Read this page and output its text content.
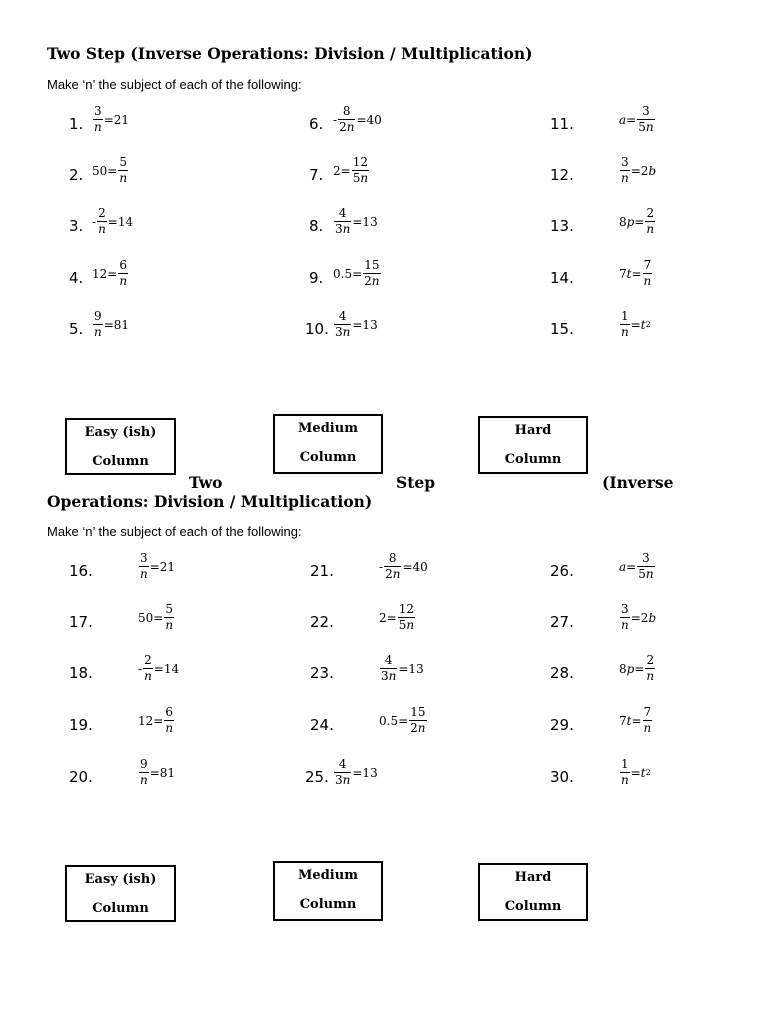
Two Step (Inverse Operations: Division / Multiplication)
Make ‘n’ the subject of each of the following:
1. $\frac{3}{n} =21$
2. $50= \frac{5}{n}$
3. - $\frac{2}{n} =14$
4. $12= \frac{6}{n}$
5. $\frac{9}{n} =81$
6. - $\frac{8}{2n} =40$
7. $2= \frac{12}{5n}$
8. $\frac{4}{3n} =13$
9. $0.5= \frac{15}{2n}$
10. $\frac{4}{3n} =13$
11.	$a = \frac{3}{5n}$
12.	$\frac{3}{n} =2$ b
13.	8 $p = \frac{2}{n}$
14.	7 $t = \frac{7}{n}$
15.	$\frac{1}{n} = t$ 2
Easy (ish)
Column
Medium
Column
Hard
Column
Two	Step	(Inverse
Operations: Division / Multiplication)
Make ‘n’ the subject of each of the following:
16.	$\frac{3}{n} =21$
17.	$50= \frac{5}{n}$
18.	- $\frac{2}{n} =14$
19.	$12= \frac{6}{n}$
20.	$\frac{9}{n} =81$
21.	- $\frac{8}{2n} =40$
22.	$2= \frac{12}{5n}$
23.	$\frac{4}{3n} =13$
24.	$0.5= \frac{15}{2n}$
25. $\frac{4}{3n} =13$
26.	$a = \frac{3}{5n}$
27.	$\frac{3}{n} =2$ b
28.	8 $p = \frac{2}{n}$
29.	7 $t = \frac{7}{n}$
30.	$\frac{1}{n} = t$ 2
Easy (ish)
Column
Medium
Column
Hard
Column
